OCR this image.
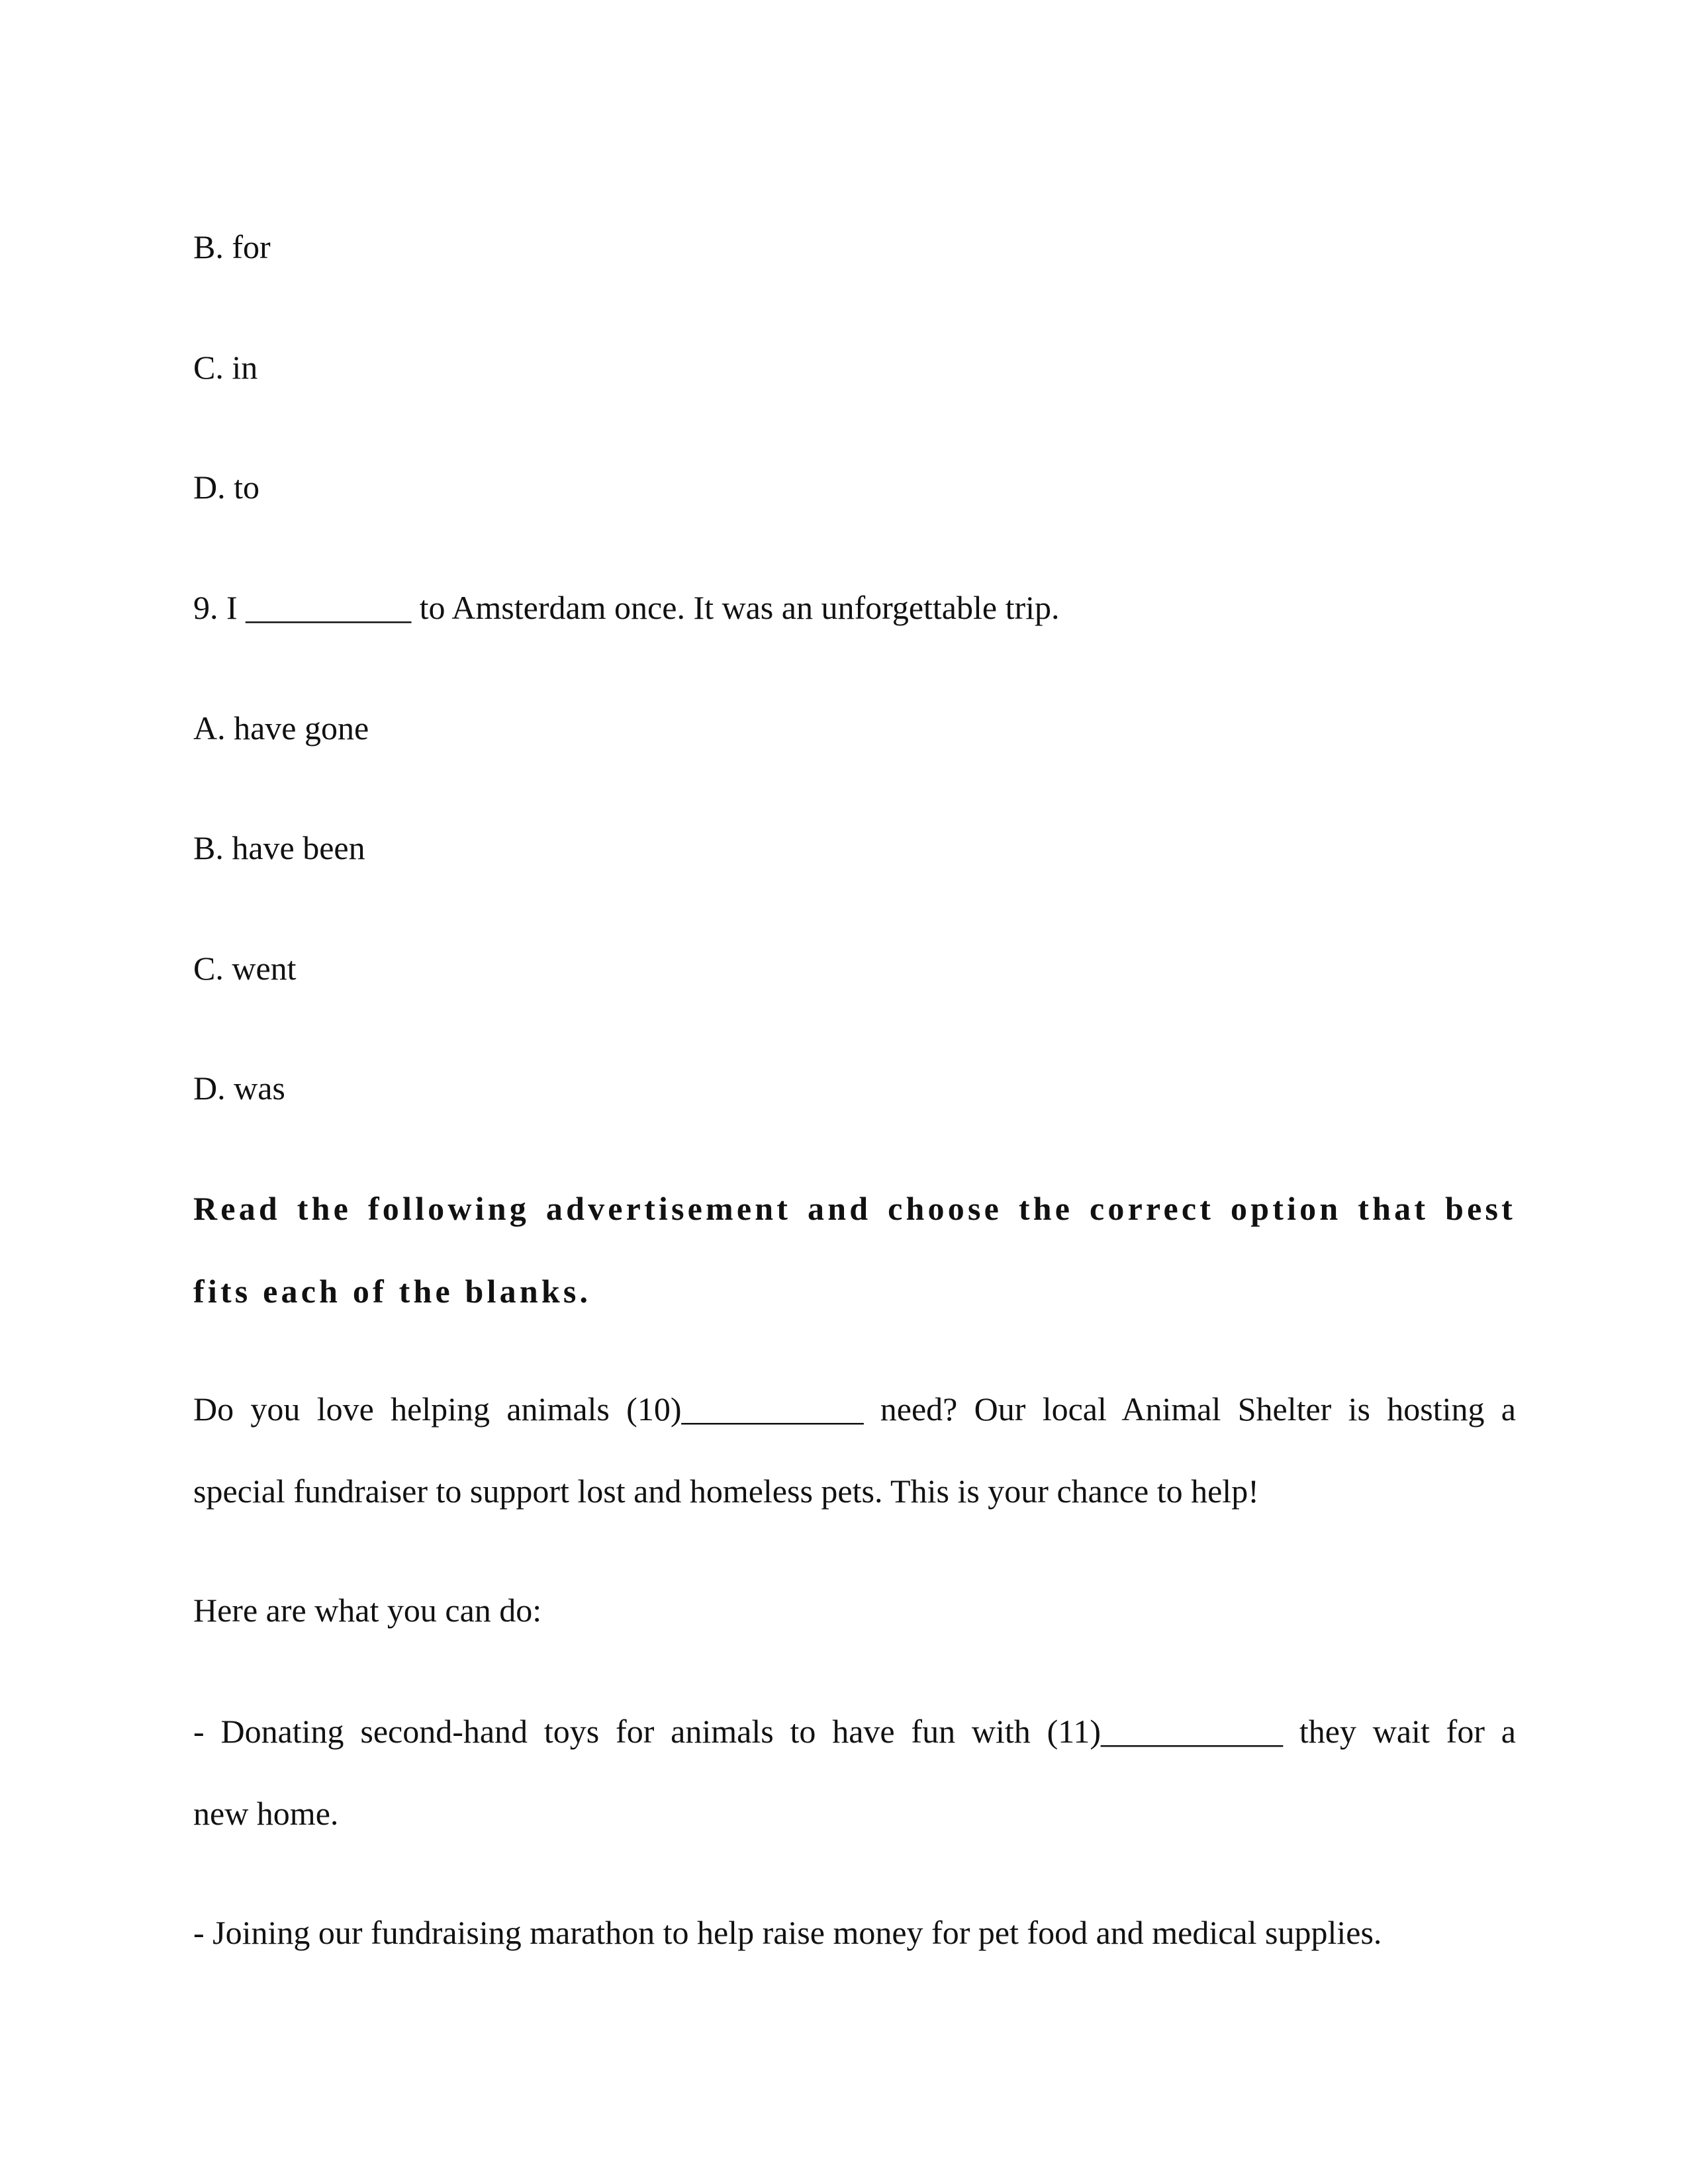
B. for

C. in

D. to

9. I __________ to Amsterdam once. It was an unforgettable trip.

A. have gone

B. have been

C. went

D. was

Read the following advertisement and choose the correct option that best

fits each of the blanks.

Do you love helping animals (10)___________ need? Our local Animal Shelter is hosting a

special fundraiser to support lost and homeless pets. This is your chance to help!

Here are what you can do:

- Donating second-hand toys for animals to have fun with (11)___________ they wait for a

new home.

- Joining our fundraising marathon to help raise money for pet food and medical supplies.
